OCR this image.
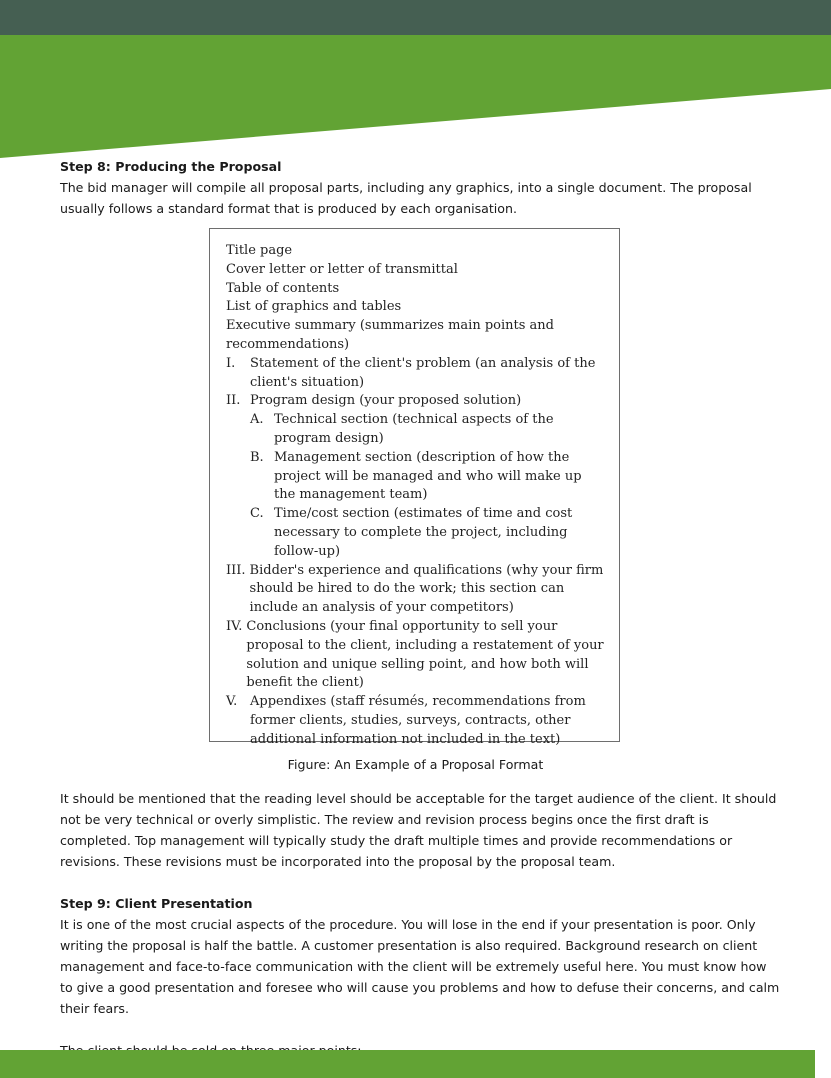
Step 8: Producing the Proposal

The bid manager will compile all proposal parts, including any graphics, into a single document. The proposal usually follows a standard format that is produced by each organisation.

Title page
Cover letter or letter of transmittal
Table of contents
List of graphics and tables
Executive summary (summarizes main points and recommendations)
I.	Statement of the client's problem (an analysis of the client's situation)
II. Program design (your proposed solution)
A. Technical section (technical aspects of the program design)
B. Management section (description of how the project will be managed and who will make up the management team)
C. Time/cost section (estimates of time and cost necessary to complete the project, including follow-up)
III. Bidder's experience and qualifications (why your firm should be hired to do the work; this section can include an analysis of your competitors)
IV. Conclusions (your final opportunity to sell your proposal to the client, including a restatement of your solution and unique selling point, and how both will benefit the client)
V. Appendixes (staff résumés, recommendations from former clients, studies, surveys, contracts, other additional information not included in the text)
Figure: An Example of a Proposal Format

It should be mentioned that the reading level should be acceptable for the target audience of the client. It should not be very technical or overly simplistic. The review and revision process begins once the first draft is completed. Top management will typically study the draft multiple times and provide recommendations or revisions. These revisions must be incorporated into the proposal by the proposal team.

Step 9: Client Presentation

It is one of the most crucial aspects of the procedure. You will lose in the end if your presentation is poor. Only writing the proposal is half the battle. A customer presentation is also required. Background research on client management and face-to-face communication with the client will be extremely useful here. You must know how to give a good presentation and foresee who will cause you problems and how to defuse their concerns, and calm their fears.
